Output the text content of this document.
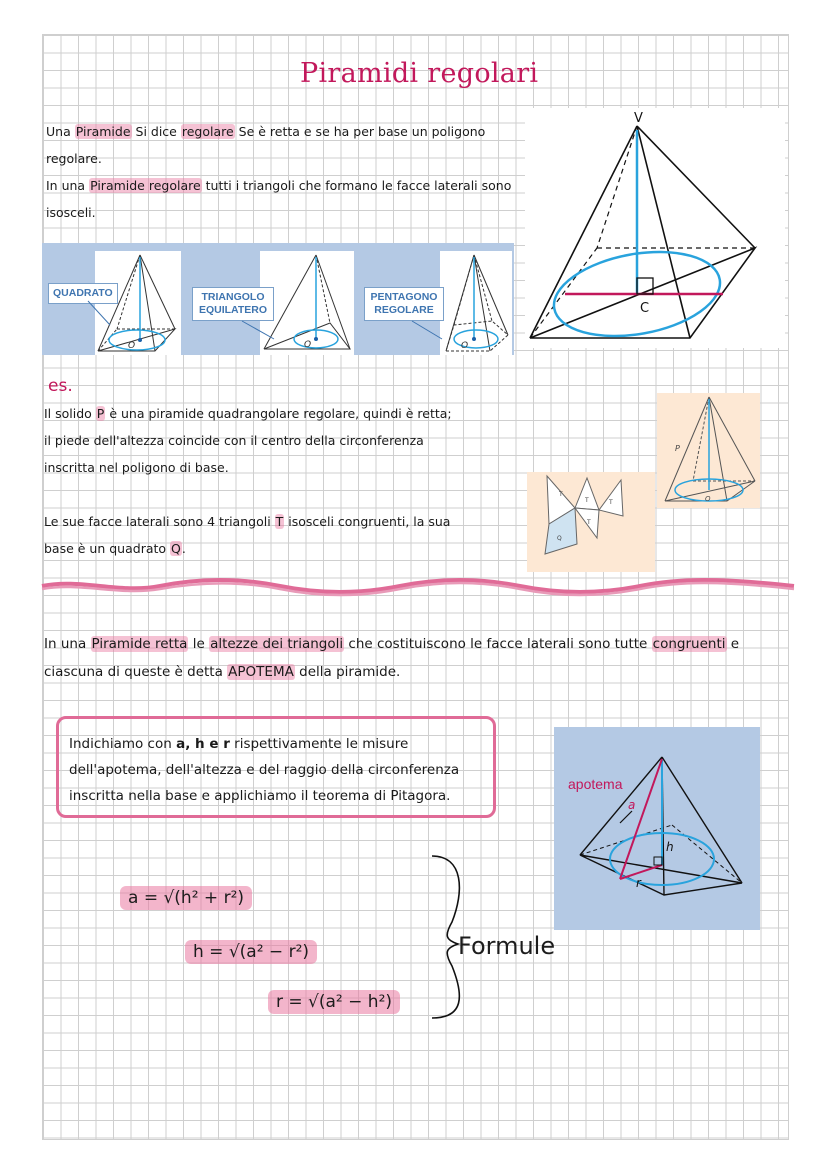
Piramidi regolari
Una Piramide Si dice regolare Se è retta e se ha per base un poligono regolare.
In una Piramide regolare tutti i triangoli che formano le facce laterali sono isosceli.
V
C
O	O	O
QUADRATO	TRIANGOLO EQUILATERO
PENTAGONO REGOLARE
es.
Il solido P è una piramide quadrangolare regolare, quindi è retta; il piede dell'altezza coincide con il centro della circonferenza inscritta nel poligono di base.

Le sue facce laterali sono 4 triangoli T isosceli congruenti, la sua base è un quadrato Q.
T
T	T
T
Q
P
O
In una Piramide retta le altezze dei triangoli che costituiscono le facce laterali sono tutte congruenti e ciascuna di queste è detta APOTEMA della piramide.
Indichiamo con a, h e r rispettivamente le misure dell'apotema, dell'altezza e del raggio della circonferenza inscritta nella base e applichiamo il teorema di Pitagora.
apotema
a
h
r
a = √(h² + r²)
h = √(a² − r²)
r = √(a² − h²)
Formule
